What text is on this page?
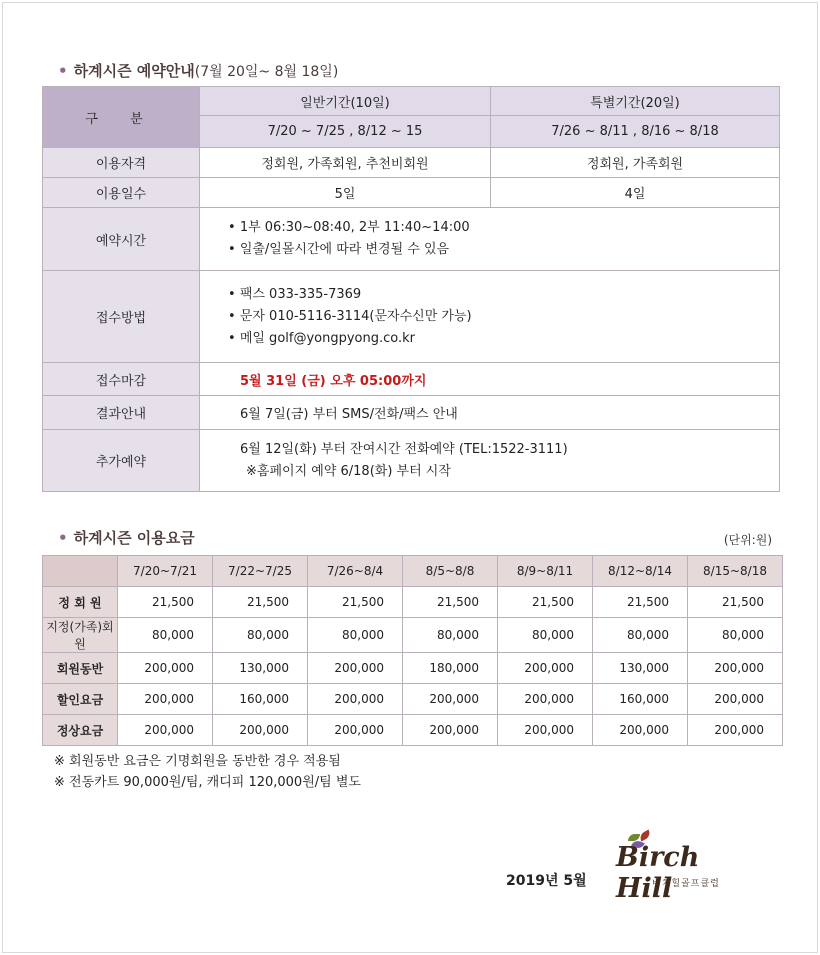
• 하계시즌 예약안내(7월 20일~ 8월 18일)
구 분	일반기간(10일)	특별기간(20일)
	7/20 ~ 7/25 , 8/12 ~ 15	7/26 ~ 8/11 , 8/16 ~ 8/18
이용자격	정회원, 가족회원, 추천비회원	정회원, 가족회원
이용일수	5일	4일
예약시간	• 1부 06:30~08:40, 2부 11:40~14:00
• 일출/일몰시간에 따라 변경될 수 있음

접수방법	• 팩스 033-335-7369
• 문자 010-5116-3114(문자수신만 가능)
• 메일 golf@yongpyong.co.kr

접수마감	5월 31일 (금) 오후 05:00까지	
결과안내	6월 7일(금) 부터 SMS/전화/팩스 안내	
추가예약	6월 12일(화) 부터 잔여시간 전화예약 (TEL:1522-3111)
※홈페이지 예약 6/18(화) 부터 시작	
• 하계시즌 이용요금	(단위:원)
	7/20~7/21	7/22~7/25	7/26~8/4	8/5~8/8	8/9~8/11	8/12~8/14	8/15~8/18
정 회 원	21,500	21,500	21,500	21,500	21,500	21,500	21,500
지정(가족)회원	80,000	80,000	80,000	80,000	80,000	80,000	80,000
회원동반	200,000	130,000	200,000	180,000	200,000	130,000	200,000
할인요금	200,000	160,000	200,000	200,000	200,000	160,000	200,000
정상요금	200,000	200,000	200,000	200,000	200,000	200,000	200,000
※ 회원동반 요금은 기명회원을 동반한 경우 적용됨
※ 전동카트 90,000원/팀, 캐디피 120,000원/팀 별도
2019년 5월
Birch Hill
버치힐골프클럽
